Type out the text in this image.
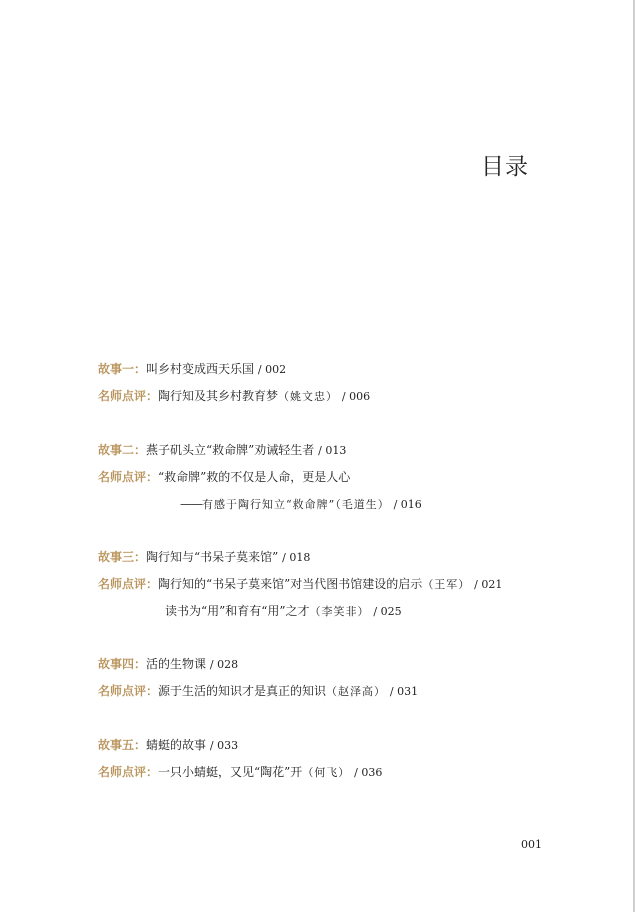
目录
故事一：叫乡村变成西天乐国 / 002
名师点评：陶行知及其乡村教育梦（姚文忠） / 006
故事二：燕子矶头立“救命牌”劝诫轻生者 / 013
名师点评：“救命牌”救的不仅是人命，更是人心
——有感于陶行知立“救命牌”（毛道生） / 016
故事三：陶行知与“书呆子莫来馆” / 018
名师点评：陶行知的“书呆子莫来馆”对当代图书馆建设的启示（王军） / 021
读书为“用”和育有“用”之才（李笑非） / 025
故事四：活的生物课 / 028
名师点评：源于生活的知识才是真正的知识（赵泽高） / 031
故事五：蜻蜓的故事 / 033
名师点评：一只小蜻蜓，又见“陶花”开（何飞） / 036
001
